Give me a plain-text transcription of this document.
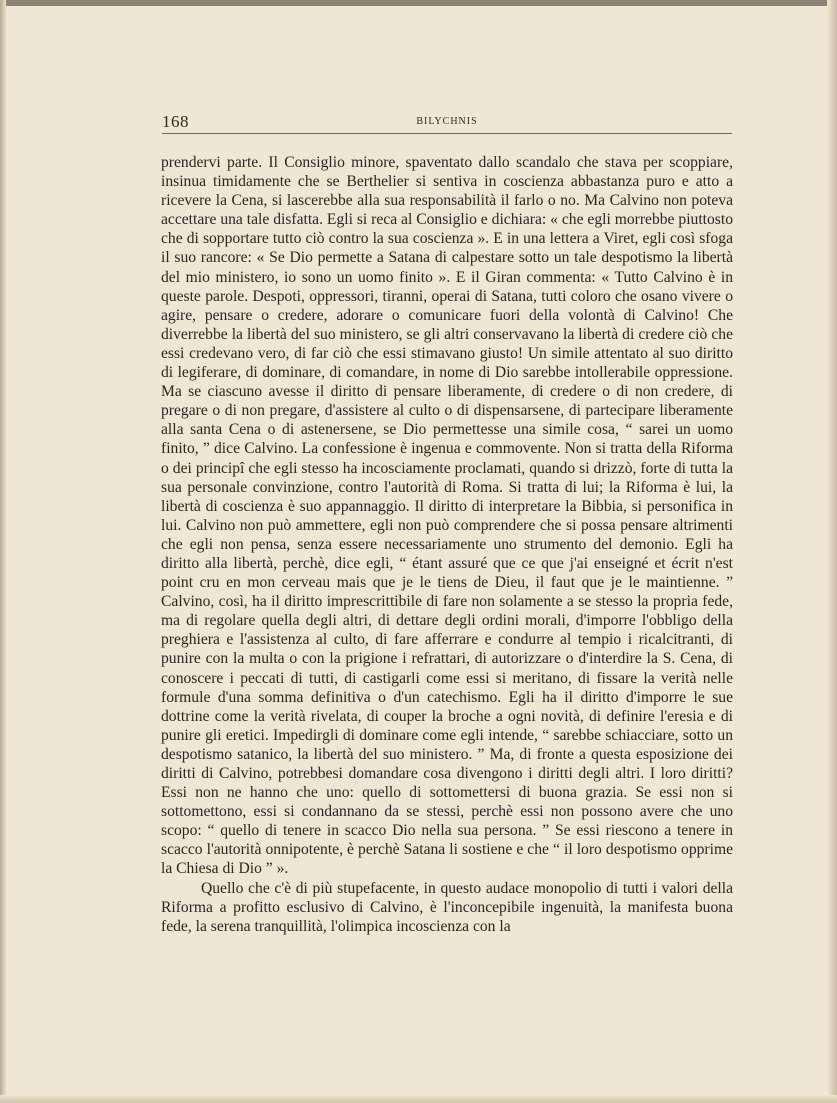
168	BILYCHNIS

prendervi parte. Il Consiglio minore, spaventato dallo scandalo che stava per scoppiare, insinua timidamente che se Berthelier si sentiva in coscienza abbastanza puro e atto a ricevere la Cena, si lascerebbe alla sua responsabilità il farlo o no. Ma Calvino non poteva accettare una tale disfatta. Egli si reca al Consiglio e dichiara: « che egli morrebbe piuttosto che di sopportare tutto ciò contro la sua coscienza ». E in una lettera a Viret, egli così sfoga il suo rancore: « Se Dio permette a Satana di calpestare sotto un tale despotismo la libertà del mio ministero, io sono un uomo finito ». E il Giran commenta: « Tutto Calvino è in queste parole. Despoti, oppressori, tiranni, operai di Satana, tutti coloro che osano vivere o agire, pensare o credere, adorare o comunicare fuori della volontà di Calvino! Che diverrebbe la libertà del suo ministero, se gli altri conservavano la libertà di credere ciò che essi credevano vero, di far ciò che essi stimavano giusto! Un simile attentato al suo diritto di legiferare, di dominare, di comandare, in nome di Dio sarebbe intollerabile oppressione. Ma se ciascuno avesse il diritto di pensare liberamente, di credere o di non credere, di pregare o di non pregare, d'assistere al culto o di dispensarsene, di partecipare liberamente alla santa Cena o di astenersene, se Dio permettesse una simile cosa, “ sarei un uomo finito, ” dice Calvino. La confessione è ingenua e commovente. Non si tratta della Riforma o dei principî che egli stesso ha incosciamente proclamati, quando si drizzò, forte di tutta la sua personale convinzione, contro l'autorità di Roma. Si tratta di lui; la Riforma è lui, la libertà di coscienza è suo appannaggio. Il diritto di interpretare la Bibbia, si personifica in lui. Calvino non può ammettere, egli non può comprendere che si possa pensare altrimenti che egli non pensa, senza essere necessariamente uno strumento del demonio. Egli ha diritto alla libertà, perchè, dice egli, “ étant assuré que ce que j'ai enseigné et écrit n'est point cru en mon cerveau mais que je le tiens de Dieu, il faut que je le maintienne. ” Calvino, così, ha il diritto imprescrittibile di fare non solamente a se stesso la propria fede, ma di regolare quella degli altri, di dettare degli ordini morali, d'imporre l'obbligo della preghiera e l'assistenza al culto, di fare afferrare e condurre al tempio i ricalcitranti, di punire con la multa o con la prigione i refrattari, di autorizzare o d'interdire la S. Cena, di conoscere i peccati di tutti, di castigarli come essi si meritano, di fissare la verità nelle formule d'una somma definitiva o d'un catechismo. Egli ha il diritto d'imporre le sue dottrine come la verità rivelata, di couper la broche a ogni novità, di definire l'eresia e di punire gli eretici. Impedirgli di dominare come egli intende, “ sarebbe schiacciare, sotto un despotismo satanico, la libertà del suo ministero. ” Ma, di fronte a questa esposizione dei diritti di Calvino, potrebbesi domandare cosa divengono i diritti degli altri. I loro diritti? Essi non ne hanno che uno: quello di sottomettersi di buona grazia. Se essi non si sottomettono, essi si condannano da se stessi, perchè essi non possono avere che uno scopo: “ quello di tenere in scacco Dio nella sua persona. ” Se essi riescono a tenere in scacco l'autorità onnipotente, è perchè Satana li sostiene e che “ il loro despotismo opprime la Chiesa di Dio ” ».

Quello che c'è di più stupefacente, in questo audace monopolio di tutti i valori della Riforma a profitto esclusivo di Calvino, è l'inconcepibile ingenuità, la manifesta buona fede, la serena tranquillità, l'olimpica incoscienza con la
